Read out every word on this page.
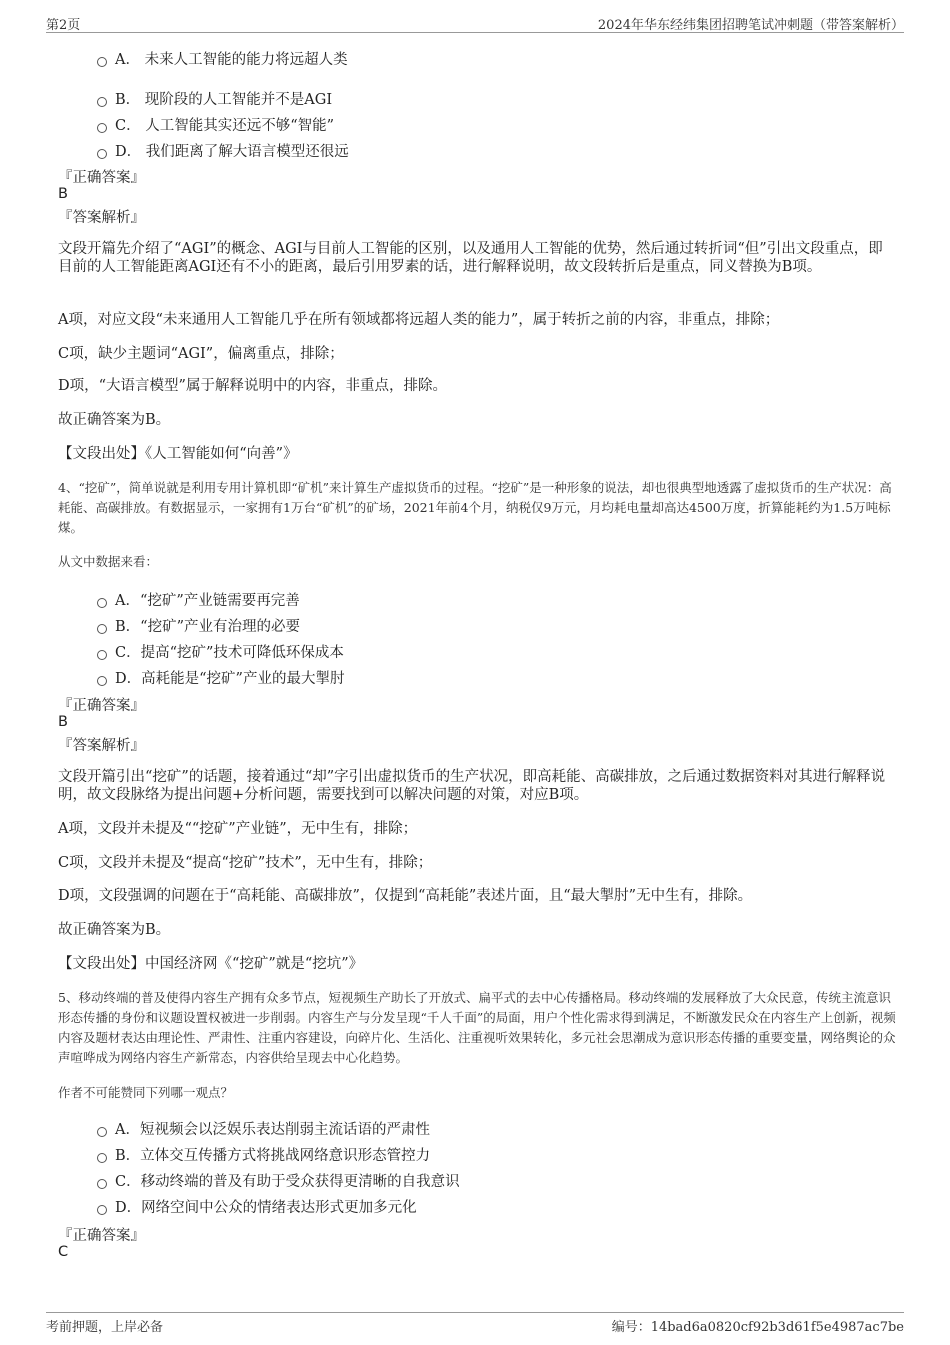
第2页	2024年华东经纬集团招聘笔试冲刺题（带答案解析）
A． 未来人工智能的能力将远超人类
B． 现阶段的人工智能并不是AGI
C． 人工智能其实还远不够“智能”
D． 我们距离了解大语言模型还很远
『正确答案』
B
『答案解析』
文段开篇先介绍了“AGI”的概念、AGI与目前人工智能的区别，以及通用人工智能的优势，然后通过转折词“但”引出文段重点，即目前的人工智能距离AGI还有不小的距离，最后引用罗素的话，进行解释说明，故文段转折后是重点，同义替换为B项。
A项，对应文段“未来通用人工智能几乎在所有领域都将远超人类的能力”，属于转折之前的内容，非重点，排除；
C项，缺少主题词“AGI”，偏离重点，排除；
D项，“大语言模型”属于解释说明中的内容，非重点，排除。
故正确答案为B。
【文段出处】《人工智能如何“向善”》
4、“挖矿”，简单说就是利用专用计算机即“矿机”来计算生产虚拟货币的过程。“挖矿”是一种形象的说法，却也很典型地透露了虚拟货币的生产状况：高耗能、高碳排放。有数据显示，一家拥有1万台“矿机”的矿场，2021年前4个月，纳税仅9万元，月均耗电量却高达4500万度，折算能耗约为1.5万吨标煤。
从文中数据来看：
A．“挖矿”产业链需要再完善
B．“挖矿”产业有治理的必要
C．提高“挖矿”技术可降低环保成本
D．高耗能是“挖矿”产业的最大掣肘
『正确答案』
B
『答案解析』
文段开篇引出“挖矿”的话题，接着通过“却”字引出虚拟货币的生产状况，即高耗能、高碳排放，之后通过数据资料对其进行解释说明，故文段脉络为提出问题+分析问题，需要找到可以解决问题的对策，对应B项。
A项，文段并未提及““挖矿”产业链”，无中生有，排除；
C项，文段并未提及“提高“挖矿”技术”，无中生有，排除；
D项，文段强调的问题在于“高耗能、高碳排放”，仅提到“高耗能”表述片面，且“最大掣肘”无中生有，排除。
故正确答案为B。
【文段出处】中国经济网《“挖矿”就是“挖坑”》
5、移动终端的普及使得内容生产拥有众多节点，短视频生产助长了开放式、扁平式的去中心传播格局。移动终端的发展释放了大众民意，传统主流意识形态传播的身份和议题设置权被进一步削弱。内容生产与分发呈现“千人千面”的局面，用户个性化需求得到满足，不断激发民众在内容生产上创新，视频内容及题材表达由理论性、严肃性、注重内容建设，向碎片化、生活化、注重视听效果转化，多元社会思潮成为意识形态传播的重要变量，网络舆论的众声喧哗成为网络内容生产新常态，内容供给呈现去中心化趋势。
作者不可能赞同下列哪一观点？
A．短视频会以泛娱乐表达削弱主流话语的严肃性
B．立体交互传播方式将挑战网络意识形态管控力
C．移动终端的普及有助于受众获得更清晰的自我意识
D．网络空间中公众的情绪表达形式更加多元化
『正确答案』
C
考前押题，上岸必备	编号：14bad6a0820cf92b3d61f5e4987ac7be
